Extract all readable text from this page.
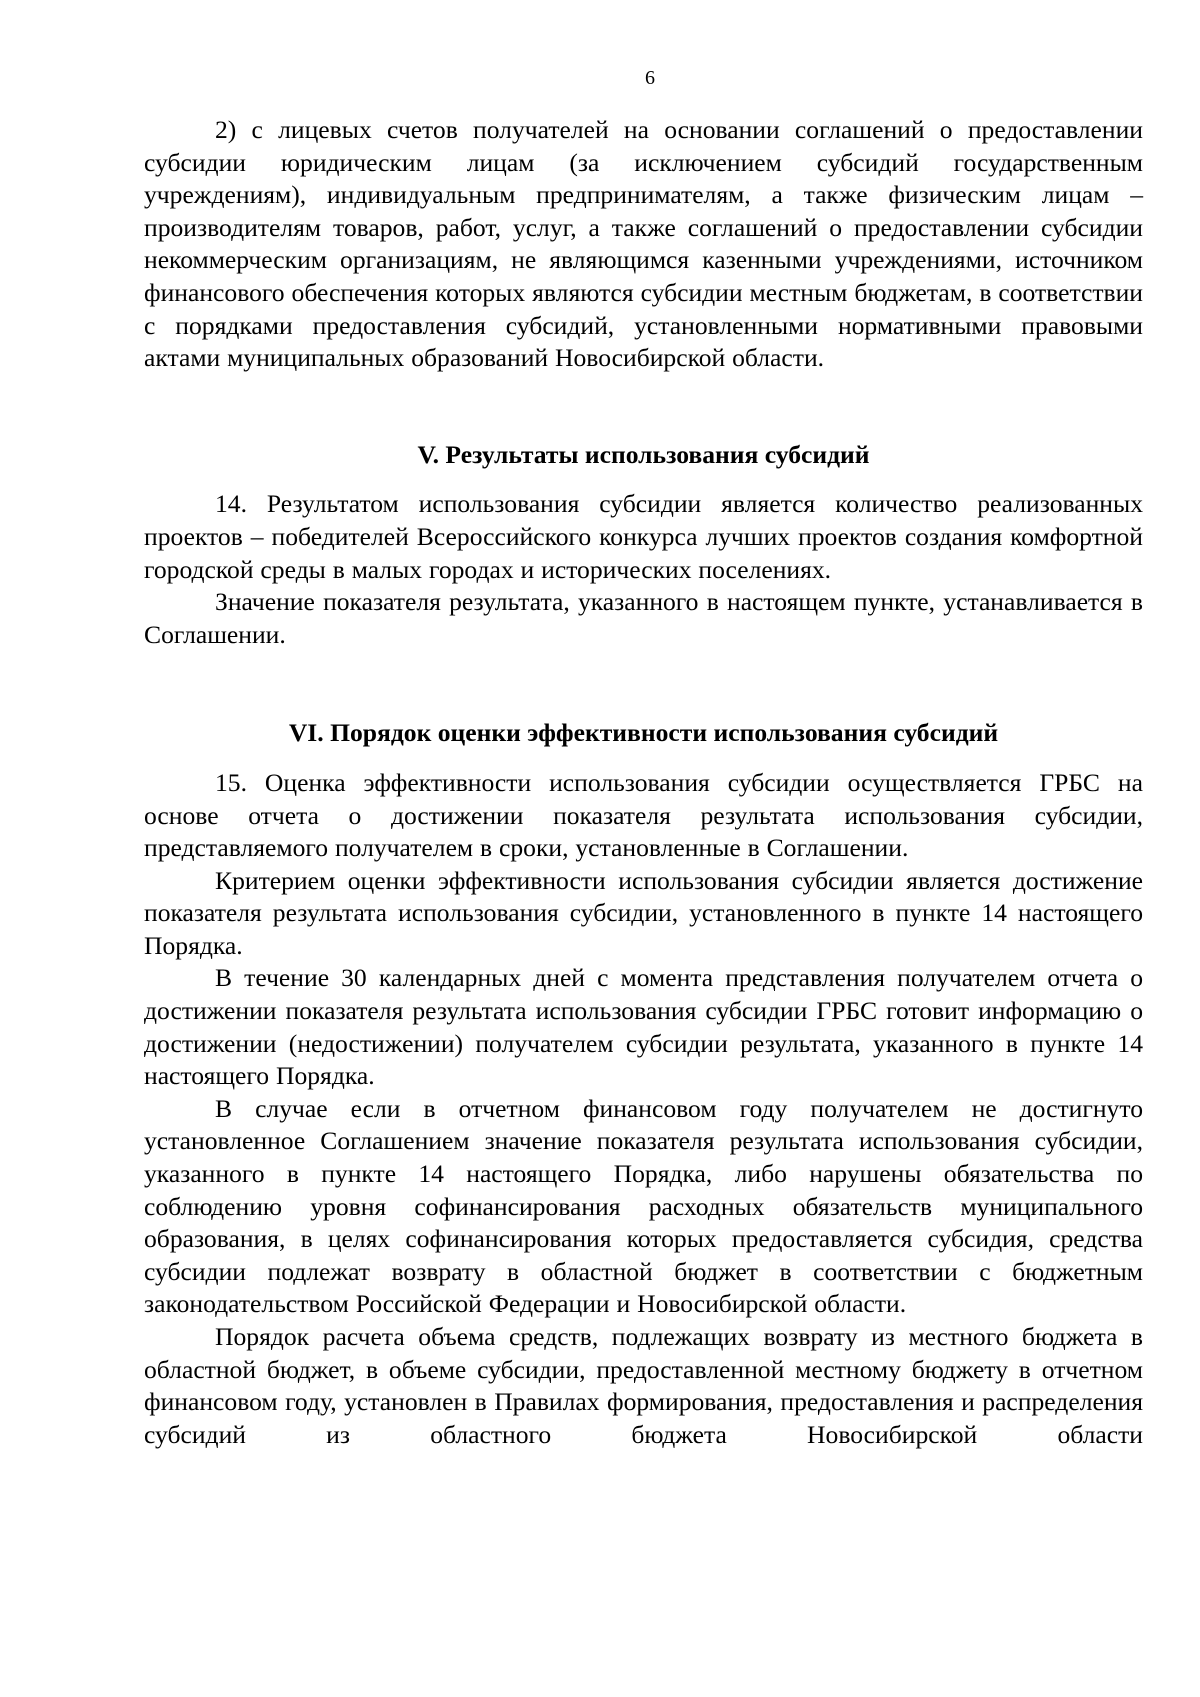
6

2) с лицевых счетов получателей на основании соглашений о предоставлении субсидии юридическим лицам (за исключением субсидий государственным учреждениям), индивидуальным предпринимателям, а также физическим лицам – производителям товаров, работ, услуг, а также соглашений о предоставлении субсидии некоммерческим организациям, не являющимся казенными учреждениями, источником финансового обеспечения которых являются субсидии местным бюджетам, в соответствии с порядками предоставления субсидий, установленными нормативными правовыми актами муниципальных образований Новосибирской области.

V. Результаты использования субсидий

14. Результатом использования субсидии является количество реализованных проектов – победителей Всероссийского конкурса лучших проектов создания комфортной городской среды в малых городах и исторических поселениях.

Значение показателя результата, указанного в настоящем пункте, устанавливается в Соглашении.

VI. Порядок оценки эффективности использования субсидий

15. Оценка эффективности использования субсидии осуществляется ГРБС на основе отчета о достижении показателя результата использования субсидии, представляемого получателем в сроки, установленные в Соглашении.

Критерием оценки эффективности использования субсидии является достижение показателя результата использования субсидии, установленного в пункте 14 настоящего Порядка.

В течение 30 календарных дней с момента представления получателем отчета о достижении показателя результата использования субсидии ГРБС готовит информацию о достижении (недостижении) получателем субсидии результата, указанного в пункте 14 настоящего Порядка.

В случае если в отчетном финансовом году получателем не достигнуто установленное Соглашением значение показателя результата использования субсидии, указанного в пункте 14 настоящего Порядка, либо нарушены обязательства по соблюдению уровня софинансирования расходных обязательств муниципального образования, в целях софинансирования которых предоставляется субсидия, средства субсидии подлежат возврату в областной бюджет в соответствии с бюджетным законодательством Российской Федерации и Новосибирской области.

Порядок расчета объема средств, подлежащих возврату из местного бюджета в областной бюджет, в объеме субсидии, предоставленной местному бюджету в отчетном финансовом году, установлен в Правилах формирования, предоставления и распределения субсидий из областного бюджета Новосибирской области
